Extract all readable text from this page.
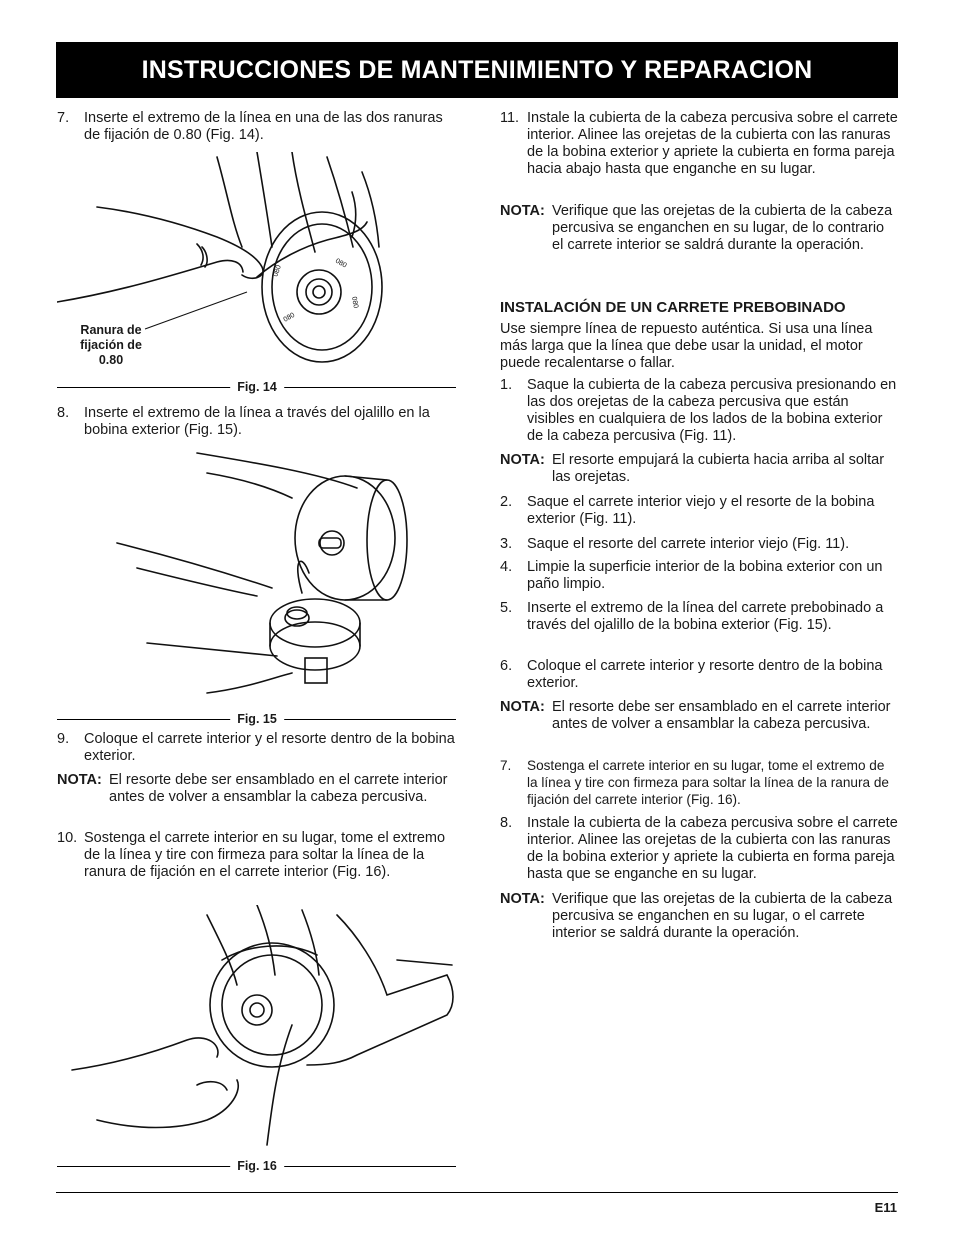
INSTRUCCIONES DE MANTENIMIENTO Y REPARACION
7.	Inserte el extremo de la línea en una de las dos ranuras de fijación de 0.80 (Fig. 14).
080
080
080
080
Ranura de fijación de 0.80
Fig. 14
8.	Inserte el extremo de la línea a través del ojalillo en la bobina exterior (Fig. 15).
Fig. 15
9.	Coloque el carrete interior y el resorte dentro de la bobina exterior.
NOTA: El resorte debe ser ensamblado en el carrete interior antes de volver a ensamblar la cabeza percusiva.
10. Sostenga el carrete interior en su lugar, tome el extremo de la línea y tire con firmeza para soltar la línea de la ranura de fijación en el carrete interior (Fig. 16).
Fig. 16
11. Instale la cubierta de la cabeza percusiva sobre el carrete interior. Alinee las orejetas de la cubierta con las ranuras de la bobina exterior y apriete la cubierta en forma pareja hacia abajo hasta que enganche en su lugar.
NOTA: Verifique que las orejetas de la cubierta de la cabeza percusiva se enganchen en su lugar, de lo contrario el carrete interior se saldrá durante la operación.
INSTALACIÓN DE UN CARRETE PREBOBINADO
Use siempre línea de repuesto auténtica. Si usa una línea más larga que la línea que debe usar la unidad, el motor puede recalentarse o fallar.
1.	Saque la cubierta de la cabeza percusiva presionando en las dos orejetas de la cabeza percusiva que están visibles en cualquiera de los lados de la bobina exterior de la cabeza percusiva (Fig. 11).
NOTA: El resorte empujará la cubierta hacia arriba al soltar las orejetas.
2.	Saque el carrete interior viejo y el resorte de la bobina exterior (Fig. 11).
3.	Saque el resorte del carrete interior viejo (Fig. 11).
4.	Limpie la superficie interior de la bobina exterior con un paño limpio.
5.	Inserte el extremo de la línea del carrete prebobinado a través del ojalillo de la bobina exterior (Fig. 15).
6.	Coloque el carrete interior y resorte dentro de la bobina exterior.
NOTA: El resorte debe ser ensamblado en el carrete interior antes de volver a ensamblar la cabeza percusiva.
7.	Sostenga el carrete interior en su lugar, tome el extremo de la línea y tire con firmeza para soltar la línea de la ranura de fijación del carrete interior (Fig. 16).
8.	Instale la cubierta de la cabeza percusiva sobre el carrete interior. Alinee las orejetas de la cubierta con las ranuras de la bobina exterior y apriete la cubierta en forma pareja hasta que se enganche en su lugar.
NOTA: Verifique que las orejetas de la cubierta de la cabeza percusiva se enganchen en su lugar, o el carrete interior se saldrá durante la operación.
E11
